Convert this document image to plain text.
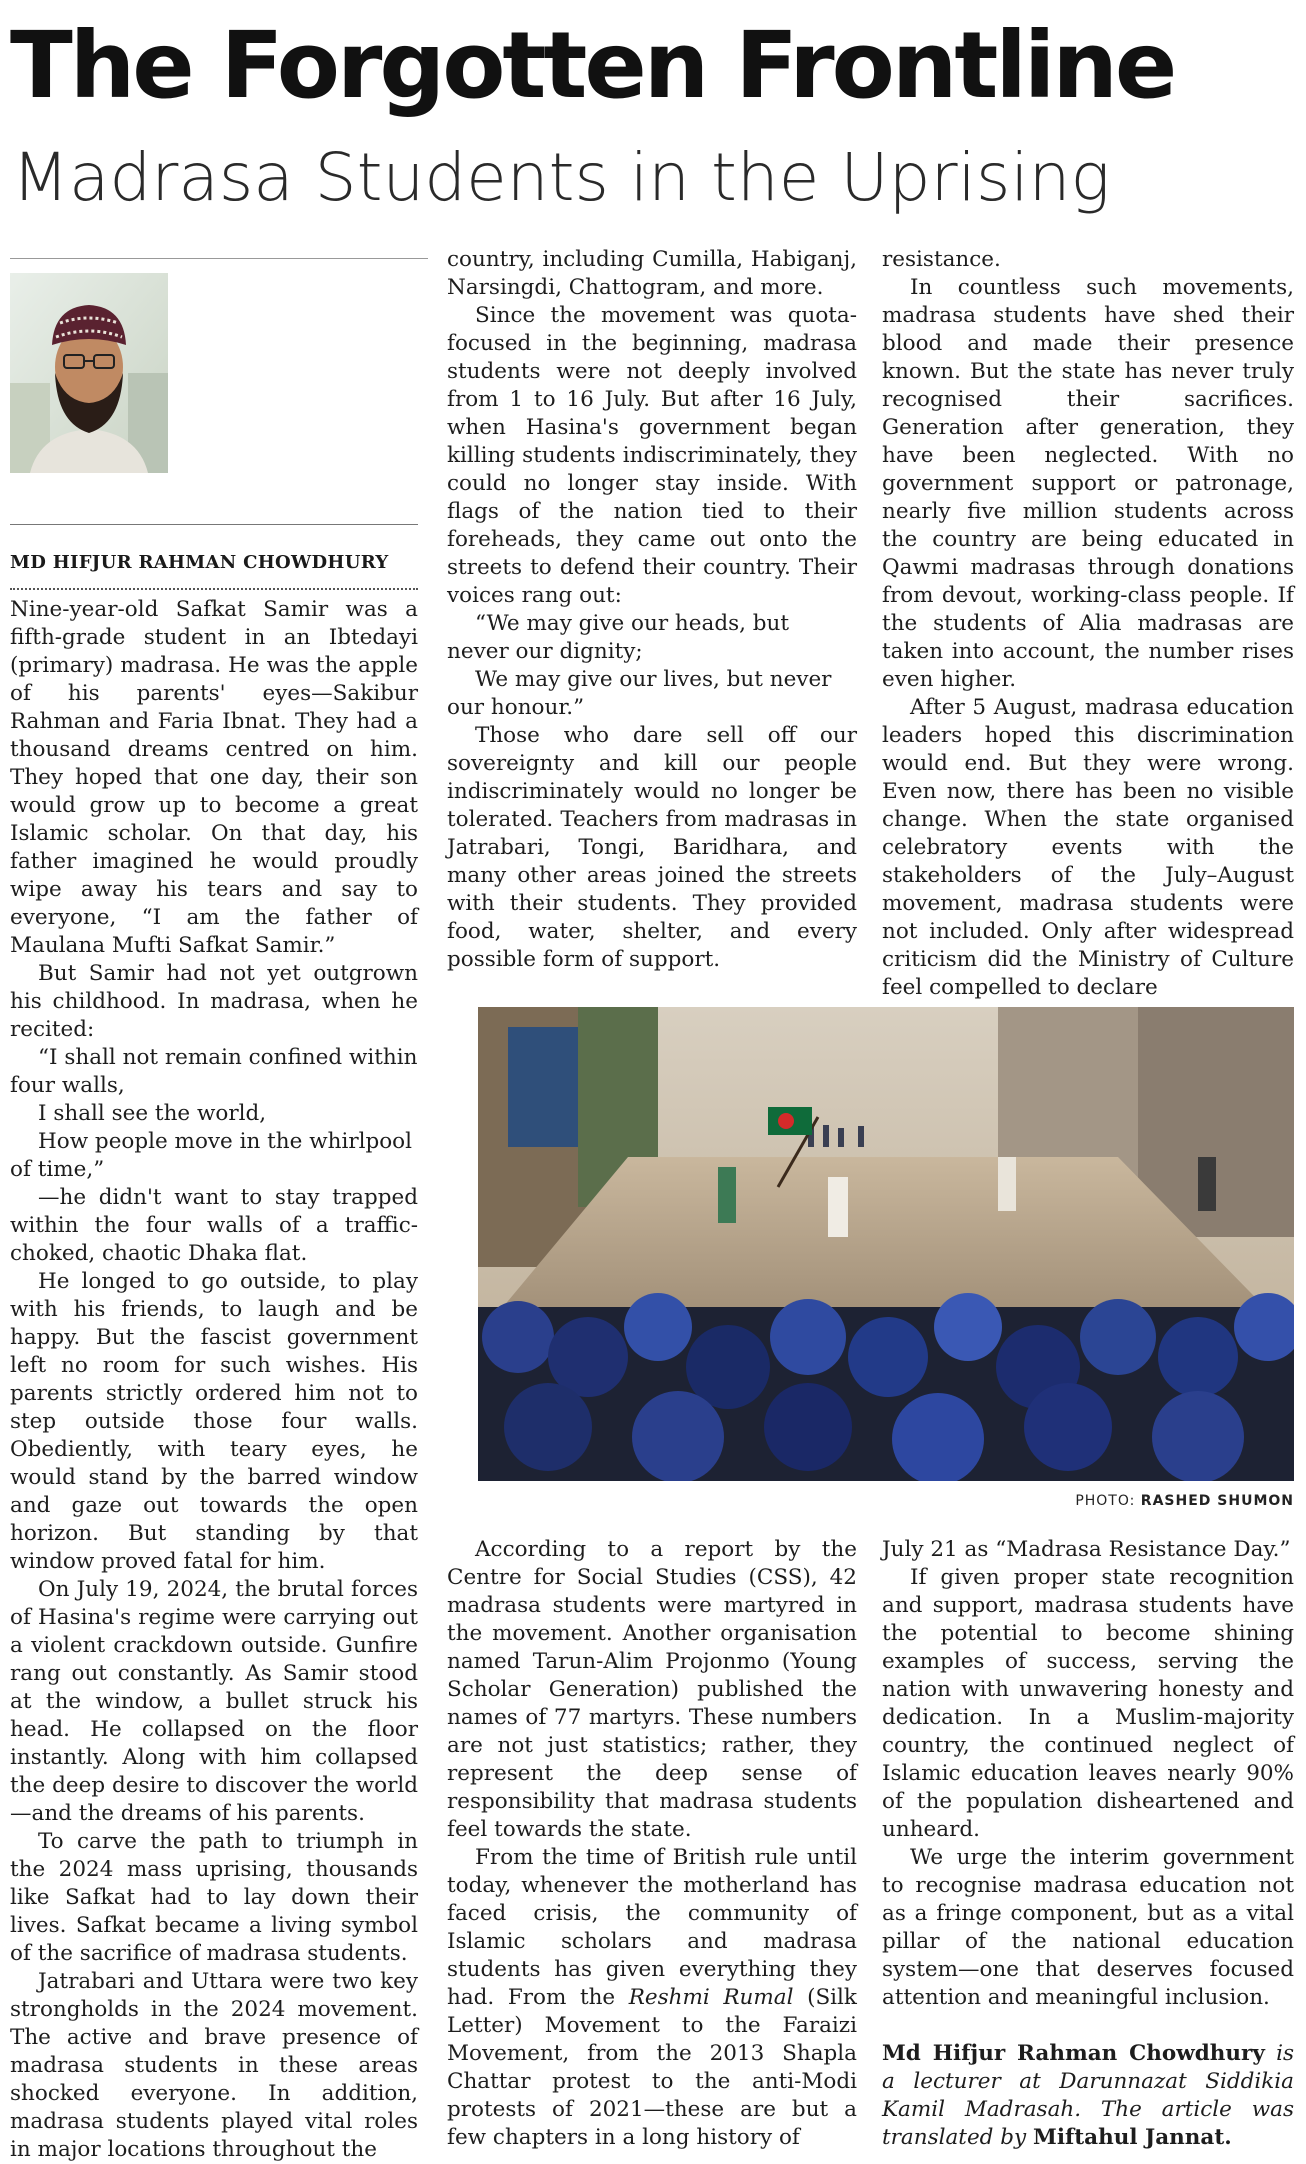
The Forgotten Frontline
Madrasa Students in the Uprising
MD HIFJUR RAHMAN CHOWDHURY

Nine-year-old Safkat Samir was a fifth-grade student in an Ibtedayi (primary) madrasa. He was the apple of his parents' eyes—Sakibur Rahman and Faria Ibnat. They had a thousand dreams centred on him. They hoped that one day, their son would grow up to become a great Islamic scholar. On that day, his father imagined he would proudly wipe away his tears and say to everyone, “I am the father of Maulana Mufti Safkat Samir.”

But Samir had not yet outgrown his childhood. In madrasa, when he recited:

“I shall not remain confined within four walls,

I shall see the world,

How people move in the whirlpool of time,”

—he didn't want to stay trapped within the four walls of a traffic-choked, chaotic Dhaka flat.

He longed to go outside, to play with his friends, to laugh and be happy. But the fascist government left no room for such wishes. His parents strictly ordered him not to step outside those four walls. Obediently, with teary eyes, he would stand by the barred window and gaze out towards the open horizon. But standing by that window proved fatal for him.

On July 19, 2024, the brutal forces of Hasina's regime were carrying out a violent crackdown outside. Gunfire rang out constantly. As Samir stood at the window, a bullet struck his head. He collapsed on the floor instantly. Along with him collapsed the deep desire to discover the world—and the dreams of his parents.

To carve the path to triumph in the 2024 mass uprising, thousands like Safkat had to lay down their lives. Safkat became a living symbol of the sacrifice of madrasa students.

Jatrabari and Uttara were two key strongholds in the 2024 movement. The active and brave presence of madrasa students in these areas shocked everyone. In addition, madrasa students played vital roles in major locations throughout the

country, including Cumilla, Habiganj, Narsingdi, Chattogram, and more.

Since the movement was quota-focused in the beginning, madrasa students were not deeply involved from 1 to 16 July. But after 16 July, when Hasina's government began killing students indiscriminately, they could no longer stay inside. With flags of the nation tied to their foreheads, they came out onto the streets to defend their country. Their voices rang out:

“We may give our heads, but never our dignity;

We may give our lives, but never our honour.”

Those who dare sell off our sovereignty and kill our people indiscriminately would no longer be tolerated. Teachers from madrasas in Jatrabari, Tongi, Baridhara, and many other areas joined the streets with their students. They provided food, water, shelter, and every possible form of support.

resistance.

In countless such movements, madrasa students have shed their blood and made their presence known. But the state has never truly recognised their sacrifices. Generation after generation, they have been neglected. With no government support or patronage, nearly five million students across the country are being educated in Qawmi madrasas through donations from devout, working-class people. If the students of Alia madrasas are taken into account, the number rises even higher.

After 5 August, madrasa education leaders hoped this discrimination would end. But they were wrong. Even now, there has been no visible change. When the state organised celebratory events with the stakeholders of the July–August movement, madrasa students were not included. Only after widespread criticism did the Ministry of Culture feel compelled to declare

PHOTO: RASHED SHUMON

According to a report by the Centre for Social Studies (CSS), 42 madrasa students were martyred in the movement. Another organisation named Tarun-Alim Projonmo (Young Scholar Generation) published the names of 77 martyrs. These numbers are not just statistics; rather, they represent the deep sense of responsibility that madrasa students feel towards the state.

From the time of British rule until today, whenever the motherland has faced crisis, the community of Islamic scholars and madrasa students has given everything they had. From the Reshmi Rumal (Silk Letter) Movement to the Faraizi Movement, from the 2013 Shapla Chattar protest to the anti-Modi protests of 2021—these are but a few chapters in a long history of

July 21 as “Madrasa Resistance Day.”

If given proper state recognition and support, madrasa students have the potential to become shining examples of success, serving the nation with unwavering honesty and dedication. In a Muslim-majority country, the continued neglect of Islamic education leaves nearly 90% of the population disheartened and unheard.

We urge the interim government to recognise madrasa education not as a fringe component, but as a vital pillar of the national education system—one that deserves focused attention and meaningful inclusion.

Md Hifjur Rahman Chowdhury is a lecturer at Darunnazat Siddikia Kamil Madrasah. The article was translated by Miftahul Jannat.
